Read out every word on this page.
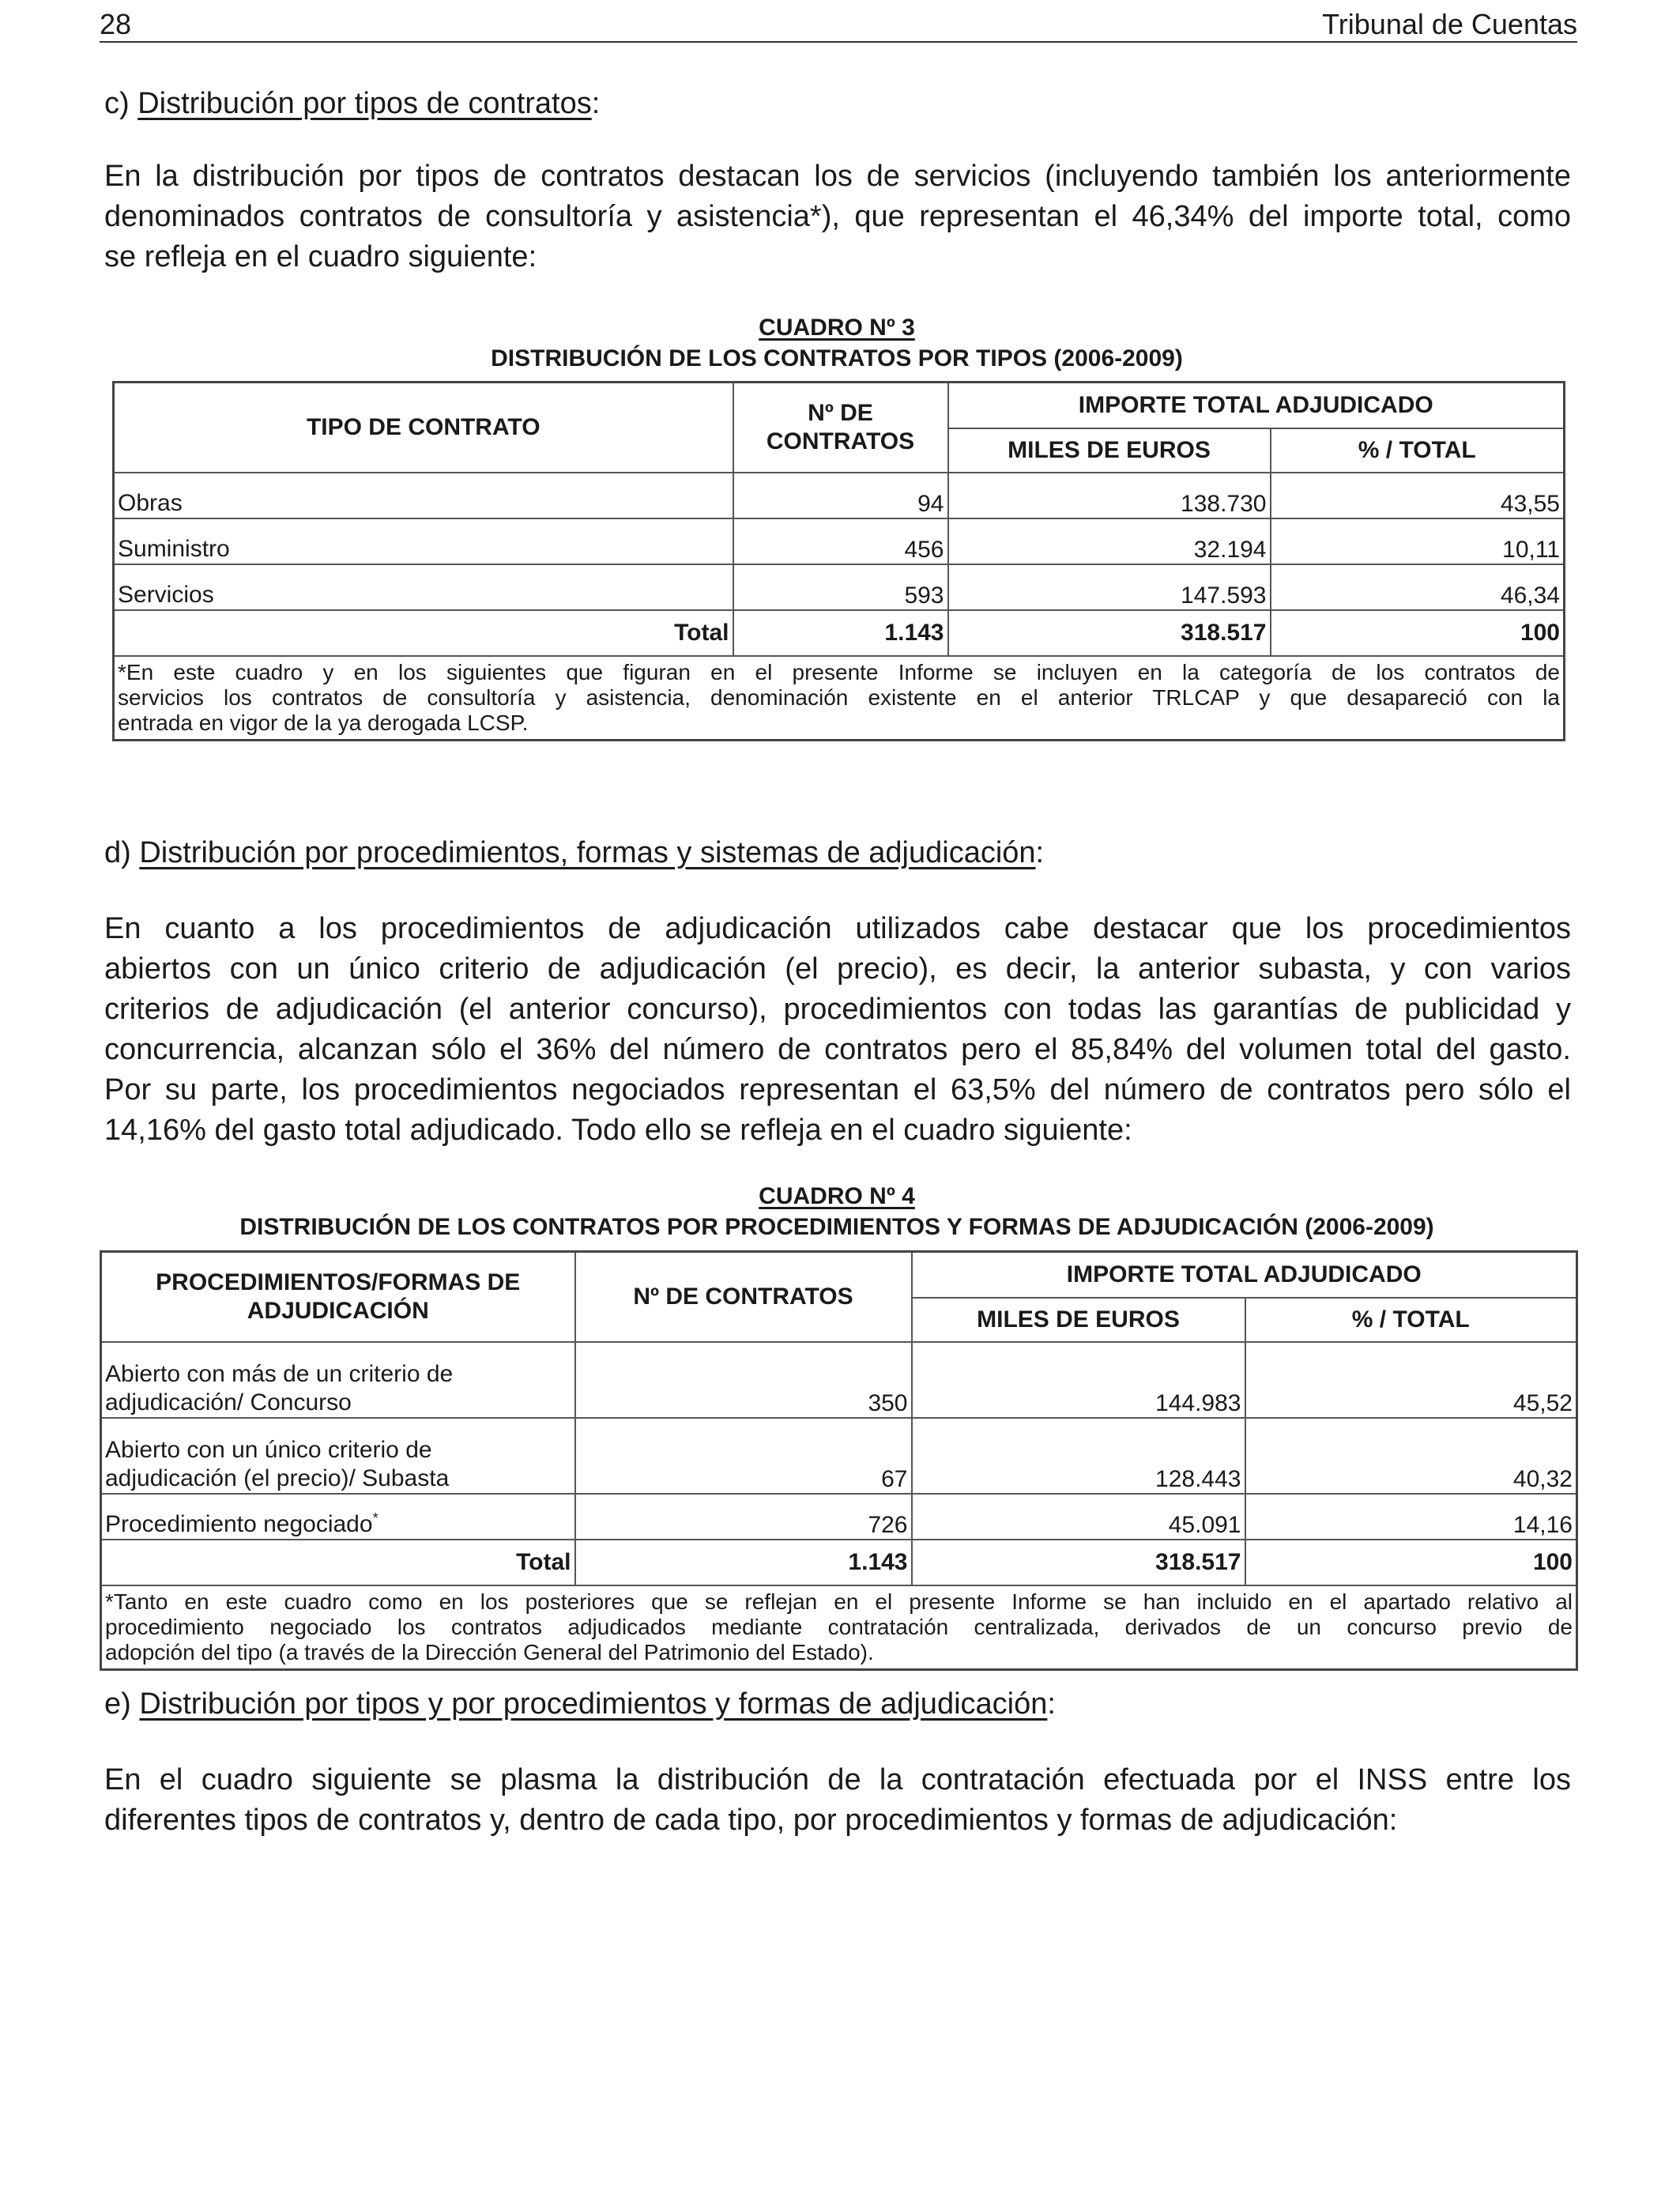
28	Tribunal de Cuentas
c) Distribución por tipos de contratos:
En la distribución por tipos de contratos destacan los de servicios (incluyendo también los anteriormente
denominados contratos de consultoría y asistencia*), que representan el 46,34% del importe total, como
se refleja en el cuadro siguiente:
CUADRO Nº 3
DISTRIBUCIÓN DE LOS CONTRATOS POR TIPOS (2006-2009)
TIPO DE CONTRATO	Nº DE CONTRATOS	IMPORTE TOTAL ADJUDICADO	
		MILES DE EUROS	% / TOTAL
Obras	94	138.730	43,55
Suministro	456	32.194	10,11
Servicios	593	147.593	46,34
Total	1.143	318.517	100

*En este cuadro y en los siguientes que figuran en el presente Informe se incluyen en la categoría de los contratos de
servicios los contratos de consultoría y asistencia, denominación existente en el anterior TRLCAP y que desapareció con la
entrada en vigor de la ya derogada LCSP.			
d) Distribución por procedimientos, formas y sistemas de adjudicación:
En cuanto a los procedimientos de adjudicación utilizados cabe destacar que los procedimientos
abiertos con un único criterio de adjudicación (el precio), es decir, la anterior subasta, y con varios
criterios de adjudicación (el anterior concurso), procedimientos con todas las garantías de publicidad y
concurrencia, alcanzan sólo el 36% del número de contratos pero el 85,84% del volumen total del gasto.
Por su parte, los procedimientos negociados representan el 63,5% del número de contratos pero sólo el
14,16% del gasto total adjudicado. Todo ello se refleja en el cuadro siguiente:
CUADRO Nº 4
DISTRIBUCIÓN DE LOS CONTRATOS POR PROCEDIMIENTOS Y FORMAS DE ADJUDICACIÓN (2006-2009)
PROCEDIMIENTOS/FORMAS DE
ADJUDICACIÓN	Nº DE CONTRATOS	IMPORTE TOTAL ADJUDICADO	
		MILES DE EUROS	% / TOTAL
Abierto con más de un criterio de
adjudicación/ Concurso	350	144.983	45,52
Abierto con un único criterio de
adjudicación (el precio)/ Subasta	67	128.443	40,32
Procedimiento negociado*	726	45.091	14,16
Total	1.143	318.517	100

*Tanto en este cuadro como en los posteriores que se reflejan en el presente Informe se han incluido en el apartado relativo al
procedimiento negociado los contratos adjudicados mediante contratación centralizada, derivados de un concurso previo de
adopción del tipo (a través de la Dirección General del Patrimonio del Estado).			
e) Distribución por tipos y por procedimientos y formas de adjudicación:
En el cuadro siguiente se plasma la distribución de la contratación efectuada por el INSS entre los
diferentes tipos de contratos y, dentro de cada tipo, por procedimientos y formas de adjudicación:
